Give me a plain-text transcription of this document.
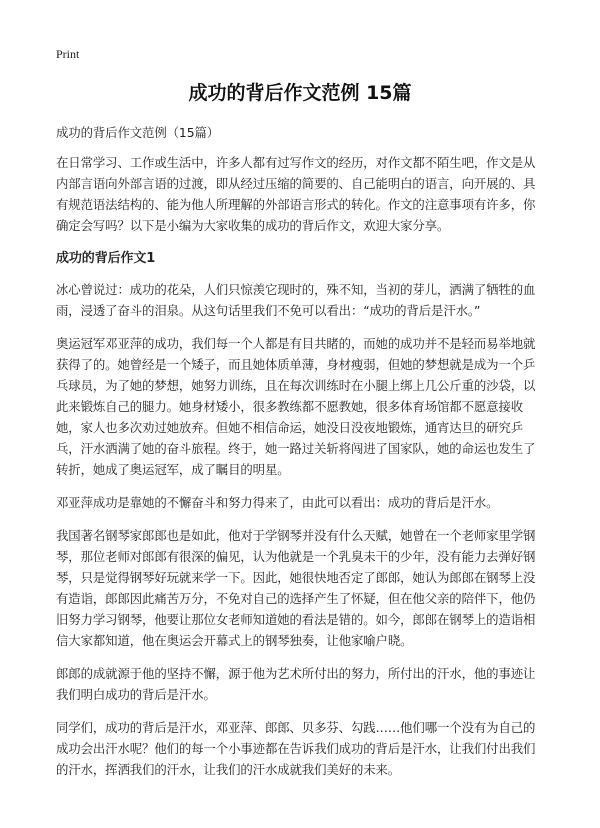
Print
成功的背后作文范例 15篇

成功的背后作文范例（15篇）

在日常学习、工作或生活中，许多人都有过写作文的经历，对作文都不陌生吧，作文是从内部言语向外部言语的过渡，即从经过压缩的简要的、自己能明白的语言，向开展的、具有规范语法结构的、能为他人所理解的外部语言形式的转化。作文的注意事项有许多，你确定会写吗？以下是小编为大家收集的成功的背后作文，欢迎大家分享。

成功的背后作文1

冰心曾说过：成功的花朵，人们只惊羡它现时的，殊不知，当初的芽儿，洒满了牺牲的血雨，浸透了奋斗的泪泉。从这句话里我们不免可以看出：“成功的背后是汗水。”

奥运冠军邓亚萍的成功，我们每一个人都是有目共睹的，而她的成功并不是轻而易举地就获得了的。她曾经是一个矮子，而且她体质单薄，身材瘦弱，但她的梦想就是成为一个乒乓球员，为了她的梦想，她努力训练，且在每次训练时在小腿上绑上几公斤重的沙袋，以此来锻炼自己的腿力。她身材矮小，很多教练都不愿教她，很多体育场馆都不愿意接收她，家人也多次劝过她放弃。但她不相信命运，她没日没夜地锻炼，通宵达旦的研究乒乓，汗水洒满了她的奋斗旅程。终于，她一路过关斩将闯进了国家队，她的命运也发生了转折，她成了奥运冠军，成了瞩目的明星。

邓亚萍成功是靠她的不懈奋斗和努力得来了，由此可以看出：成功的背后是汗水。

我国著名钢琴家郎郎也是如此，他对于学钢琴并没有什么天赋，她曾在一个老师家里学钢琴，那位老师对郎郎有很深的偏见，认为他就是一个乳臭未干的少年，没有能力去弹好钢琴，只是觉得钢琴好玩就来学一下。因此，她很快地否定了郎郎，她认为郎郎在钢琴上没有造诣，郎郎因此痛苦万分，不免对自己的选择产生了怀疑，但在他父亲的陪伴下，他仍旧努力学习钢琴，他要让那位女老师知道她的看法是错的。如今，郎郎在钢琴上的造诣相信大家都知道，他在奥运会开幕式上的钢琴独奏，让他家喻户晓。

郎郎的成就源于他的坚持不懈，源于他为艺术所付出的努力，所付出的汗水，他的事迹让我们明白成功的背后是汗水。

同学们，成功的背后是汗水，邓亚萍、郎郎、贝多芬、勾践……他们哪一个没有为自己的成功会出汗水呢？他们的每一个小事迹都在告诉我们成功的背后是汗水，让我们付出我们的汗水，挥洒我们的汗水，让我们的汗水成就我们美好的未来。
